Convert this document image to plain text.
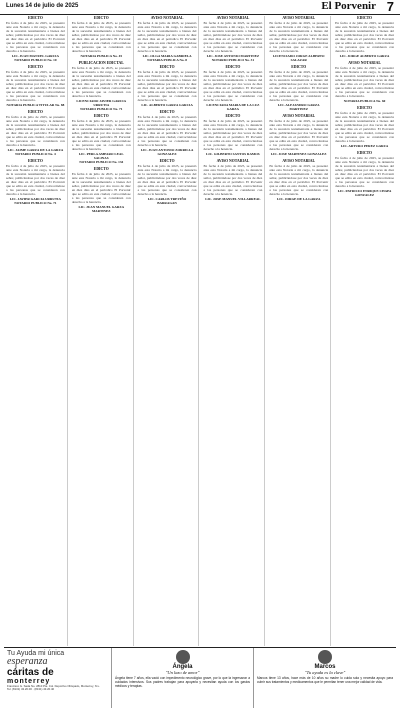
Lunes 14 de julio de 2025	El Porvenir 7
EDICTO
En fecha 4 de julio de 2025, se presentó ante esta Notaría a mi cargo, la denuncia de la sucesión testamentaria a bienes del señor, publicándose por dos veces de diez en diez días en el periódico El Porvenir que se edita en esta ciudad, convocándose a las personas que se consideren con derecho a la herencia.
LIC. JUAN MANUEL GARCIA
NOTARIO PUBLICO No. 10
EDICTO
En fecha 4 de julio de 2025, se presentó ante esta Notaría a mi cargo, la denuncia de la sucesión testamentaria a bienes del señor, publicándose por dos veces de diez en diez días en el periódico El Porvenir que se edita en esta ciudad, convocándose a las personas que se consideren con derecho a la herencia.
NOTARIA PUBLICA TITULAR No. 88
EDICTO
En fecha 4 de julio de 2025, se presentó ante esta Notaría a mi cargo, la denuncia de la sucesión testamentaria a bienes del señor, publicándose por dos veces de diez en diez días en el periódico El Porvenir que se edita en esta ciudad, convocándose a las personas que se consideren con derecho a la herencia.
LIC. JAIME GARZA DE LA GARZA
NOTARIO PUBLICO No. 4
EDICTO
En fecha 4 de julio de 2025, se presentó ante esta Notaría a mi cargo, la denuncia de la sucesión testamentaria a bienes del señor, publicándose por dos veces de diez en diez días en el periódico El Porvenir que se edita en esta ciudad, convocándose a las personas que se consideren con derecho a la herencia.
LIC. JAVIER GARCIA URRUTIA
NOTARIO PUBLICO No. 71
EDICTO
En fecha 4 de julio de 2025, se presentó ante esta Notaría a mi cargo, la denuncia de la sucesión testamentaria a bienes del señor, publicándose por dos veces de diez en diez días en el periódico El Porvenir que se edita en esta ciudad, convocándose a las personas que se consideren con derecho a la herencia.
NOTARIA PUBLICA No. 45
PUBLICACION EDICTAL
En fecha 4 de julio de 2025, se presentó ante esta Notaría a mi cargo, la denuncia de la sucesión testamentaria a bienes del señor, publicándose por dos veces de diez en diez días en el periódico El Porvenir que se edita en esta ciudad, convocándose a las personas que se consideren con derecho a la herencia.
LICENCIADO JAVIER GARCIA URRUTIA
NOTARIO PUBLICO No. 71
EDICTO
En fecha 4 de julio de 2025, se presentó ante esta Notaría a mi cargo, la denuncia de la sucesión testamentaria a bienes del señor, publicándose por dos veces de diez en diez días en el periódico El Porvenir que se edita en esta ciudad, convocándose a las personas que se consideren con derecho a la herencia.
LIC. PERLA AMPARO LEAL SALINAS
NOTARIO PUBLICO No. 134
EDICTO
En fecha 4 de julio de 2025, se presentó ante esta Notaría a mi cargo, la denuncia de la sucesión testamentaria a bienes del señor, publicándose por dos veces de diez en diez días en el periódico El Porvenir que se edita en esta ciudad, convocándose a las personas que se consideren con derecho a la herencia.
LIC. JUAN MANUEL GARZA MARTINEZ
AVISO NOTARIAL
En fecha 4 de julio de 2025, se presentó ante esta Notaría a mi cargo, la denuncia de la sucesión testamentaria a bienes del señor, publicándose por dos veces de diez en diez días en el periódico El Porvenir que se edita en esta ciudad, convocándose a las personas que se consideren con derecho a la herencia.
LIC. OLGA MARIA GABRIELA
NOTARIA PUBLICA No. 8
EDICTO
En fecha 4 de julio de 2025, se presentó ante esta Notaría a mi cargo, la denuncia de la sucesión testamentaria a bienes del señor, publicándose por dos veces de diez en diez días en el periódico El Porvenir que se edita en esta ciudad, convocándose a las personas que se consideren con derecho a la herencia.
LIC. ALBERTO GARZA GARCIA
EDICTO
En fecha 4 de julio de 2025, se presentó ante esta Notaría a mi cargo, la denuncia de la sucesión testamentaria a bienes del señor, publicándose por dos veces de diez en diez días en el periódico El Porvenir que se edita en esta ciudad, convocándose a las personas que se consideren con derecho a la herencia.
LIC. JUAN ANTONIO ZORRILLA GONZALEZ
EDICTO
En fecha 4 de julio de 2025, se presentó ante esta Notaría a mi cargo, la denuncia de la sucesión testamentaria a bienes del señor, publicándose por dos veces de diez en diez días en el periódico El Porvenir que se edita en esta ciudad, convocándose a las personas que se consideren con derecho a la herencia.
LIC. CARLOS TREVIÑO BARRAGAN
AVISO NOTARIAL
En fecha 4 de julio de 2025, se presentó ante esta Notaría a mi cargo, la denuncia de la sucesión testamentaria a bienes del señor, publicándose por dos veces de diez en diez días en el periódico El Porvenir que se edita en esta ciudad, convocándose a las personas que se consideren con derecho a la herencia.
LIC. JOSE ANTONIO MARTINEZ
NOTARIO PUBLICO No. 31
EDICTO
En fecha 4 de julio de 2025, se presentó ante esta Notaría a mi cargo, la denuncia de la sucesión testamentaria a bienes del señor, publicándose por dos veces de diez en diez días en el periódico El Porvenir que se edita en esta ciudad, convocándose a las personas que se consideren con derecho a la herencia.
LICENCIADA MARIA DE LA LUZ GARZA
EDICTO
En fecha 4 de julio de 2025, se presentó ante esta Notaría a mi cargo, la denuncia de la sucesión testamentaria a bienes del señor, publicándose por dos veces de diez en diez días en el periódico El Porvenir que se edita en esta ciudad, convocándose a las personas que se consideren con derecho a la herencia.
LIC. GILBERTO SANTOS RAMOS
AVISO NOTARIAL
En fecha 4 de julio de 2025, se presentó ante esta Notaría a mi cargo, la denuncia de la sucesión testamentaria a bienes del señor, publicándose por dos veces de diez en diez días en el periódico El Porvenir que se edita en esta ciudad, convocándose a las personas que se consideren con derecho a la herencia.
LIC. JOSE MANUEL VILLARREAL
AVISO NOTARIAL
En fecha 4 de julio de 2025, se presentó ante esta Notaría a mi cargo, la denuncia de la sucesión testamentaria a bienes del señor, publicándose por dos veces de diez en diez días en el periódico El Porvenir que se edita en esta ciudad, convocándose a las personas que se consideren con derecho a la herencia.
LICENCIADO JORGE ALBERTO SALAZAR
EDICTO
En fecha 4 de julio de 2025, se presentó ante esta Notaría a mi cargo, la denuncia de la sucesión testamentaria a bienes del señor, publicándose por dos veces de diez en diez días en el periódico El Porvenir que se edita en esta ciudad, convocándose a las personas que se consideren con derecho a la herencia.
LIC. ALEJANDRO GARZA MARTINEZ
AVISO NOTARIAL
En fecha 4 de julio de 2025, se presentó ante esta Notaría a mi cargo, la denuncia de la sucesión testamentaria a bienes del señor, publicándose por dos veces de diez en diez días en el periódico El Porvenir que se edita en esta ciudad, convocándose a las personas que se consideren con derecho a la herencia.
LIC. JOSE MARTINEZ GONZALEZ
AVISO NOTARIAL
En fecha 4 de julio de 2025, se presentó ante esta Notaría a mi cargo, la denuncia de la sucesión testamentaria a bienes del señor, publicándose por dos veces de diez en diez días en el periódico El Porvenir que se edita en esta ciudad, convocándose a las personas que se consideren con derecho a la herencia.
LIC. JORGE DE LA GARZA
EDICTO
En fecha 4 de julio de 2025, se presentó ante esta Notaría a mi cargo, la denuncia de la sucesión testamentaria a bienes del señor, publicándose por dos veces de diez en diez días en el periódico El Porvenir que se edita en esta ciudad, convocándose a las personas que se consideren con derecho a la herencia.
LIC. JORGE ALBERTO GARZA
AVISO NOTARIAL
En fecha 4 de julio de 2025, se presentó ante esta Notaría a mi cargo, la denuncia de la sucesión testamentaria a bienes del señor, publicándose por dos veces de diez en diez días en el periódico El Porvenir que se edita en esta ciudad, convocándose a las personas que se consideren con derecho a la herencia.
NOTARIA PUBLICA No. 60
EDICTO
En fecha 4 de julio de 2025, se presentó ante esta Notaría a mi cargo, la denuncia de la sucesión testamentaria a bienes del señor, publicándose por dos veces de diez en diez días en el periódico El Porvenir que se edita en esta ciudad, convocándose a las personas que se consideren con derecho a la herencia.
LIC. ARTURO PEREZ GARZA
EDICTO
En fecha 4 de julio de 2025, se presentó ante esta Notaría a mi cargo, la denuncia de la sucesión testamentaria a bienes del señor, publicándose por dos veces de diez en diez días en el periódico El Porvenir que se edita en esta ciudad, convocándose a las personas que se consideren con derecho a la herencia.
LIC. PATRICIO ENRIQUE CHAPA GONZALEZ
Tu Ayuda mi única
esperanza
cáritas de
monterrey
Francisco G. Sada No. 2810 Pte. Col. Deportivo Obispado, Monterrey, N.L.
Tel. (8131) 43.20.00 · (8131) 43.20.40
Ángela
"Un lazo de amor"
Ángela tiene 7 años, ella vació con impedimento neurológico grave, por lo que la ingresaron a cuidados intensivos. Sus padres trabajan para apoyarla y necesitan ayuda con los gastos médicos y terapias.
Marcos
"Tu ayuda es la clave"
Marcos tiene 13 años, hace más de 10 años su madre lo cuida sola y necesita apoyo para cubrir sus tratamientos y medicamentos que le permitan tener una mejor calidad de vida.
